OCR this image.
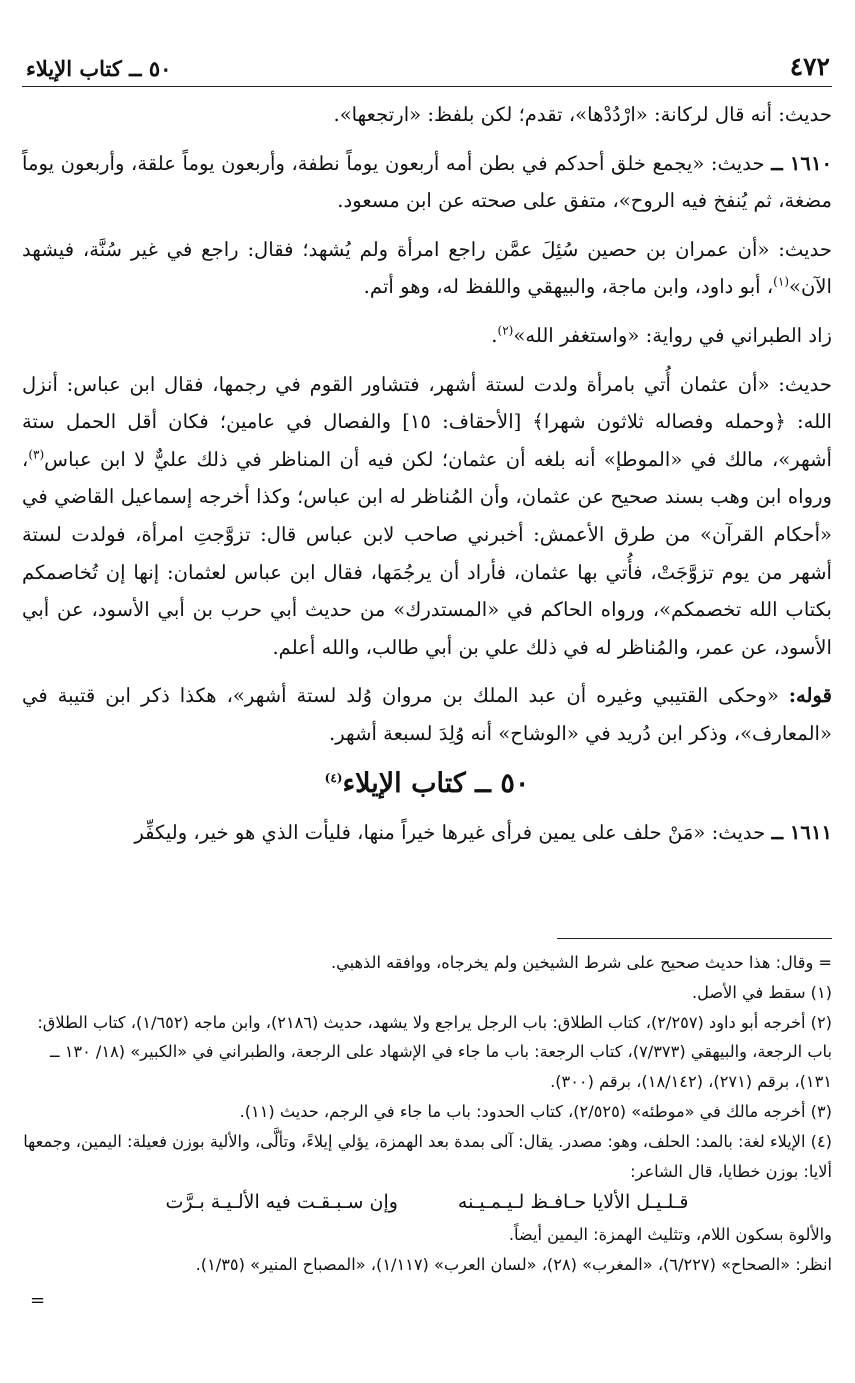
٤٧٢
٥٠ ــ كتاب الإيلاء

حديث: أنه قال لركانة: «ارْدُدْها»، تقدم؛ لكن بلفظ: «ارتجعها».

١٦١٠ ــ حديث: «يجمع خلق أحدكم في بطن أمه أربعون يوماً نطفة، وأربعون يوماً علقة، وأربعون يوماً مضغة، ثم يُنفخ فيه الروح»، متفق على صحته عن ابن مسعود.

حديث: «أن عمران بن حصين سُئِلَ عمَّن راجع امرأة ولم يُشهد؛ فقال: راجع في غير سُنَّة، فيشهد الآن»$^{(١)}$، أبو داود، وابن ماجة، والبيهقي واللفظ له، وهو أتم.

زاد الطبراني في رواية: «واستغفر الله»$^{(٢)}$.

حديث: «أن عثمان أُتي بامرأة ولدت لستة أشهر، فتشاور القوم في رجمها، فقال ابن عباس: أنزل الله: ﴿وحمله وفصاله ثلاثون شهرا﴾ [الأحقاف: ١٥] والفصال في عامين؛ فكان أقل الحمل ستة أشهر»، مالك في «الموطإ» أنه بلغه أن عثمان؛ لكن فيه أن المناظر في ذلك عليٌّ لا ابن عباس$^{(٣)}$، ورواه ابن وهب بسند صحيح عن عثمان، وأن المُناظر له ابن عباس؛ وكذا أخرجه إسماعيل القاضي في «أحكام القرآن» من طرق الأعمش: أخبرني صاحب لابن عباس قال: تزوَّجتِ امرأة، فولدت لستة أشهر من يوم تزوَّجَتْ، فأُتي بها عثمان، فأراد أن يرجُمَها، فقال ابن عباس لعثمان: إنها إن تُخاصمكم بكتاب الله تخصمكم»، ورواه الحاكم في «المستدرك» من حديث أبي حرب بن أبي الأسود، عن أبي الأسود، عن عمر، والمُناظر له في ذلك علي بن أبي طالب، والله أعلم.

قوله: «وحكى القتيبي وغيره أن عبد الملك بن مروان وُلد لستة أشهر»، هكذا ذكر ابن قتيبة في «المعارف»، وذكر ابن دُريد في «الوشاح» أنه وُلِدَ لسبعة أشهر.

٥٠ ــ كتاب الإيلاء$^{(٤)}$

١٦١١ ــ حديث: «مَنْ حلف على يمين فرأى غيرها خيراً منها، فليأت الذي هو خير، وليكفِّر

= وقال: هذا حديث صحيح على شرط الشيخين ولم يخرجاه، ووافقه الذهبي.

(١) سقط في الأصل.

(٢) أخرجه أبو داود (٢/٢٥٧)، كتاب الطلاق: باب الرجل يراجع ولا يشهد، حديث (٢١٨٦)، وابن ماجه (١/٦٥٢)، كتاب الطلاق: باب الرجعة، والبيهقي (٧/٣٧٣)، كتاب الرجعة: باب ما جاء في الإشهاد على الرجعة، والطبراني في «الكبير» (١٨/ ١٣٠ ــ ١٣١)، برقم (٢٧١)، (١٨/١٤٢)، برقم (٣٠٠).

(٣) أخرجه مالك في «موطئه» (٢/٥٢٥)، كتاب الحدود: باب ما جاء في الرجم، حديث (١١).

(٤) الإيلاء لغة: بالمد: الحلف، وهو: مصدر. يقال: آلى بمدة بعد الهمزة، يؤلي إيلاءً، وتألَّى، والألية بوزن فعيلة: اليمين، وجمعها ألايا: بوزن خطايا، قال الشاعر:

قـلـيـل الألايا حـافـظ لـيـمـيـنه
وإن سـبـقـت فيه الألـيـة بـرَّت

والألوة بسكون اللام، وتثليث الهمزة: اليمين أيضاً.

انظر: «الصحاح» (٦/٢٢٧)، «المغرب» (٢٨)، «لسان العرب» (١/١١٧)، «المصباح المنير» (١/٣٥).

=
